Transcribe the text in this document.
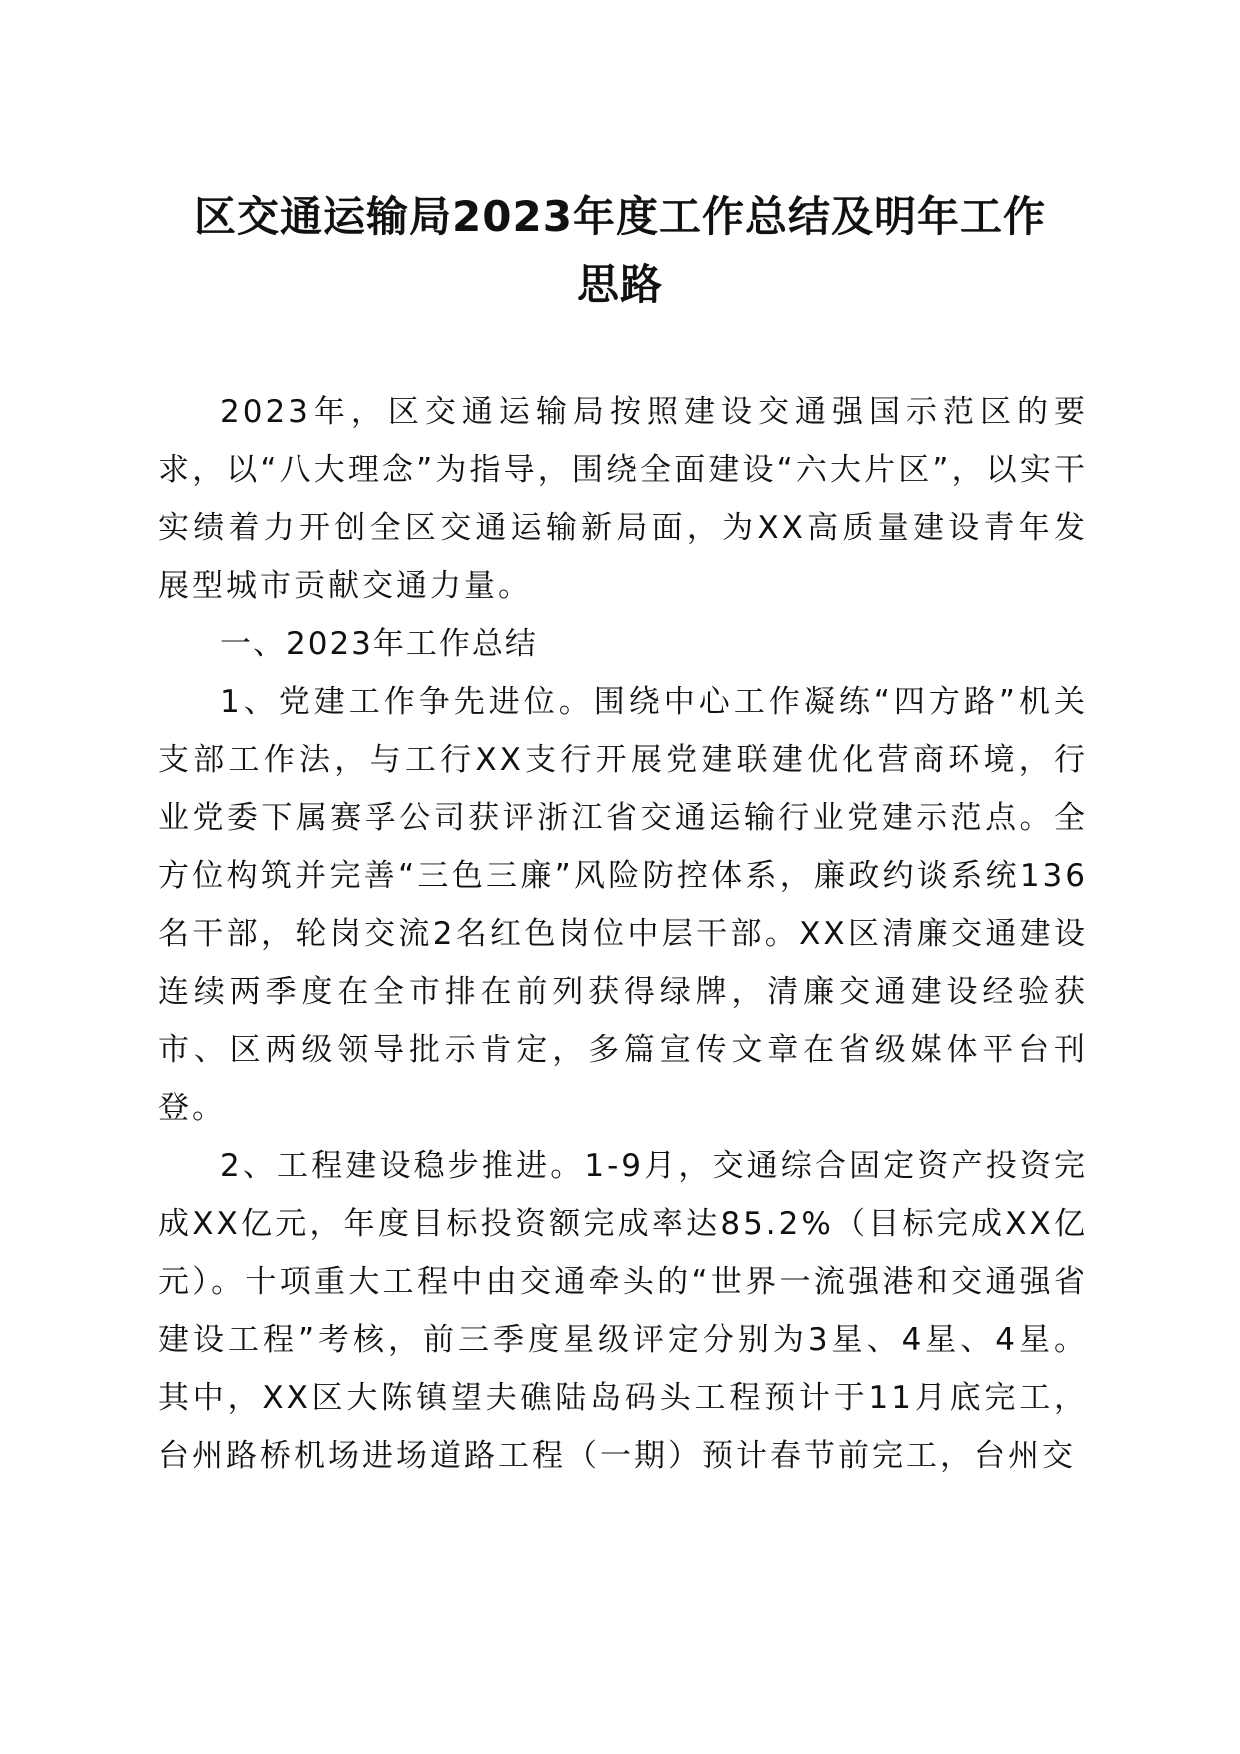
区交通运输局2023年度工作总结及明年工作
思路

2023年，区交通运输局按照建设交通强国示范区的要求，以“八大理念”为指导，围绕全面建设“六大片区”，以实干实绩着力开创全区交通运输新局面，为XX高质量建设青年发展型城市贡献交通力量。

一、2023年工作总结

1、党建工作争先进位。围绕中心工作凝练“四方路”机关支部工作法，与工行XX支行开展党建联建优化营商环境，行业党委下属赛孚公司获评浙江省交通运输行业党建示范点。全方位构筑并完善“三色三廉”风险防控体系，廉政约谈系统136名干部，轮岗交流2名红色岗位中层干部。XX区清廉交通建设连续两季度在全市排在前列获得绿牌，清廉交通建设经验获市、区两级领导批示肯定，多篇宣传文章在省级媒体平台刊登。

2、工程建设稳步推进。1-9月，交通综合固定资产投资完成XX亿元，年度目标投资额完成率达85.2%（目标完成XX亿元）。十项重大工程中由交通牵头的“世界一流强港和交通强省建设工程”考核，前三季度星级评定分别为3星、4星、4星。其中，XX区大陈镇望夫礁陆岛码头工程预计于11月底完工，台州路桥机场进场道路工程（一期）预计春节前完工，台州交
